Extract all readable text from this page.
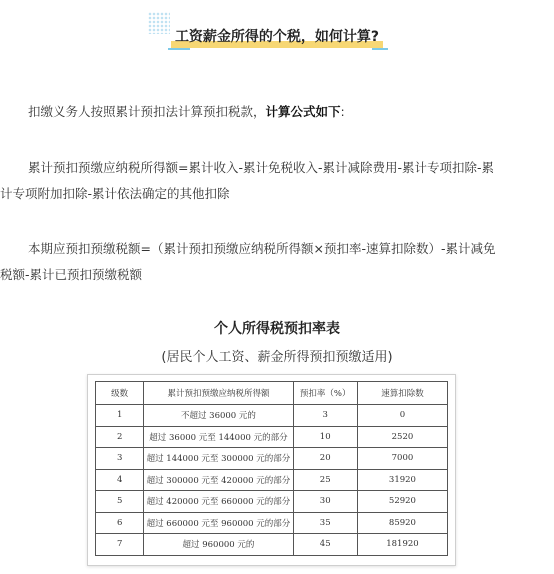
工资薪金所得的个税，如何计算?
扣缴义务人按照累计预扣法计算预扣税款，计算公式如下:
累计预扣预缴应纳税所得额=累计收入-累计免税收入-累计减除费用-累计专项扣除-累
计专项附加扣除-累计依法确定的其他扣除
本期应预扣预缴税额=（累计预扣预缴应纳税所得额×预扣率-速算扣除数）-累计减免
税额-累计已预扣预缴税额
个人所得税预扣率表
(居民个人工资、薪金所得预扣预缴适用)
级数	累计预扣预缴应纳税所得额	预扣率（%）	速算扣除数
1	不超过 36000 元的	3	0
2	超过 36000 元至 144000 元的部分	10	2520
3	超过 144000 元至 300000 元的部分	20	7000
4	超过 300000 元至 420000 元的部分	25	31920
5	超过 420000 元至 660000 元的部分	30	52920
6	超过 660000 元至 960000 元的部分	35	85920
7	超过 960000 元的	45	181920
